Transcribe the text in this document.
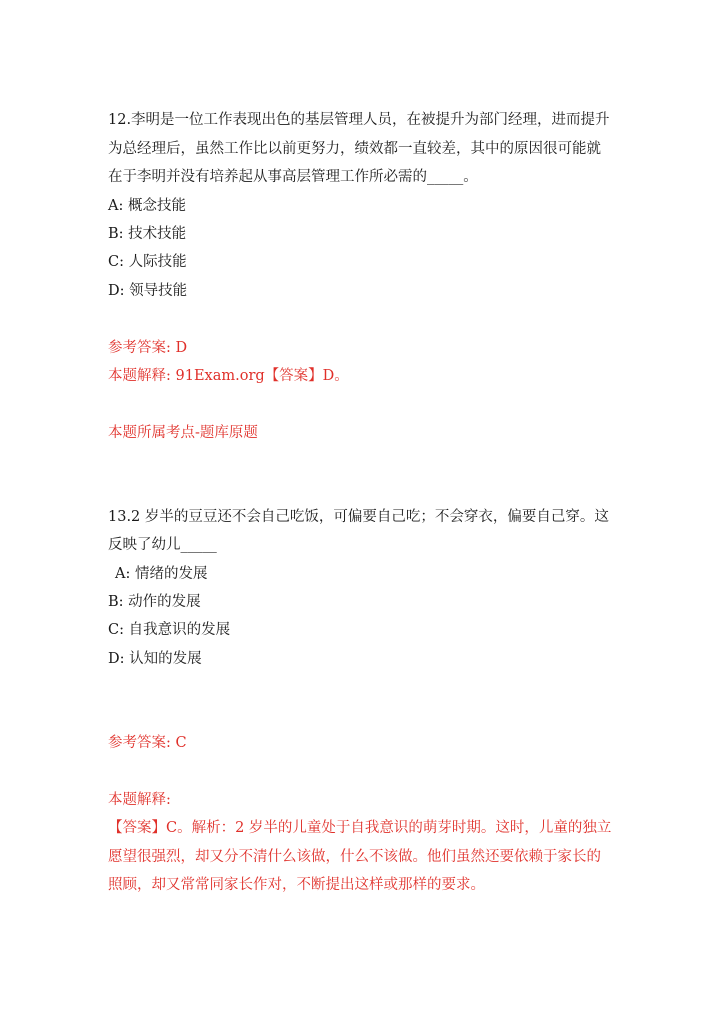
12.李明是一位工作表现出色的基层管理人员，在被提升为部门经理，进而提升
为总经理后，虽然工作比以前更努力，绩效都一直较差，其中的原因很可能就
在于李明并没有培养起从事高层管理工作所必需的_____。
A: 概念技能
B: 技术技能
C: 人际技能
D: 领导技能
参考答案: D
本题解释: 91Exam.org【答案】D。
本题所属考点-题库原题
13.2 岁半的豆豆还不会自己吃饭，可偏要自己吃；不会穿衣，偏要自己穿。这
反映了幼儿_____
A: 情绪的发展
B: 动作的发展
C: 自我意识的发展
D: 认知的发展
参考答案: C
本题解释:
【答案】C。解析：2 岁半的儿童处于自我意识的萌芽时期。这时，儿童的独立
愿望很强烈，却又分不清什么该做，什么不该做。他们虽然还要依赖于家长的
照顾，却又常常同家长作对，不断提出这样或那样的要求。
